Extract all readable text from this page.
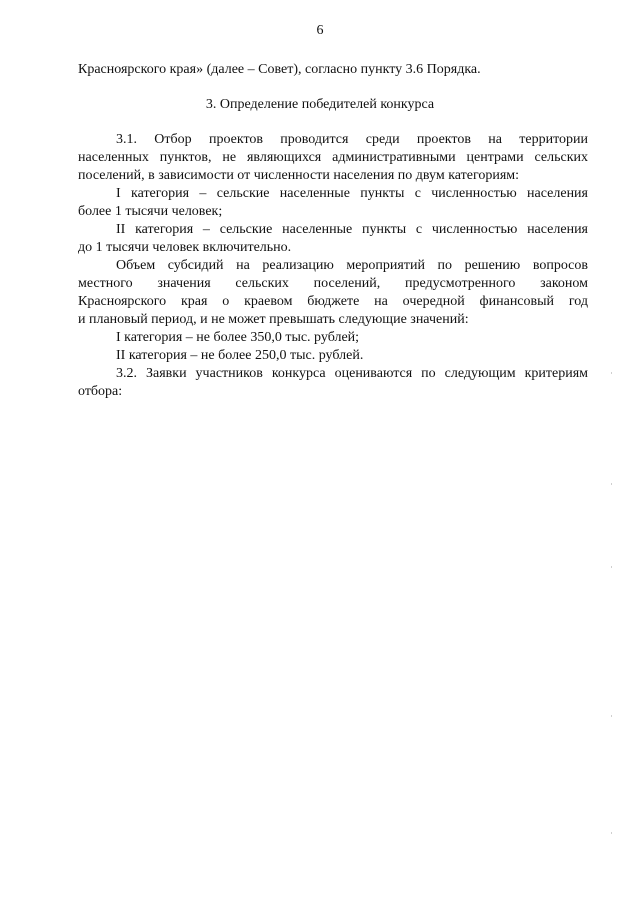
6
Красноярского края» (далее – Совет), согласно пункту 3.6 Порядка.
3. Определение победителей конкурса
3.1. Отбор проектов проводится среди проектов на территории
населенных пунктов, не являющихся административными центрами сельских
поселений, в зависимости от численности населения по двум категориям:
I категория – сельские населенные пункты с численностью населения
более 1 тысячи человек;
II категория – сельские населенные пункты с численностью населения
до 1 тысячи человек включительно.
Объем субсидий на реализацию мероприятий по решению вопросов
местного значения сельских поселений, предусмотренного законом
Красноярского края о краевом бюджете на очередной финансовый год
и плановый период, и не может превышать следующие значений:
I категория – не более 350,0 тыс. рублей;
II категория – не более 250,0 тыс. рублей.
3.2. Заявки участников конкурса оцениваются по следующим критериям
отбора:
